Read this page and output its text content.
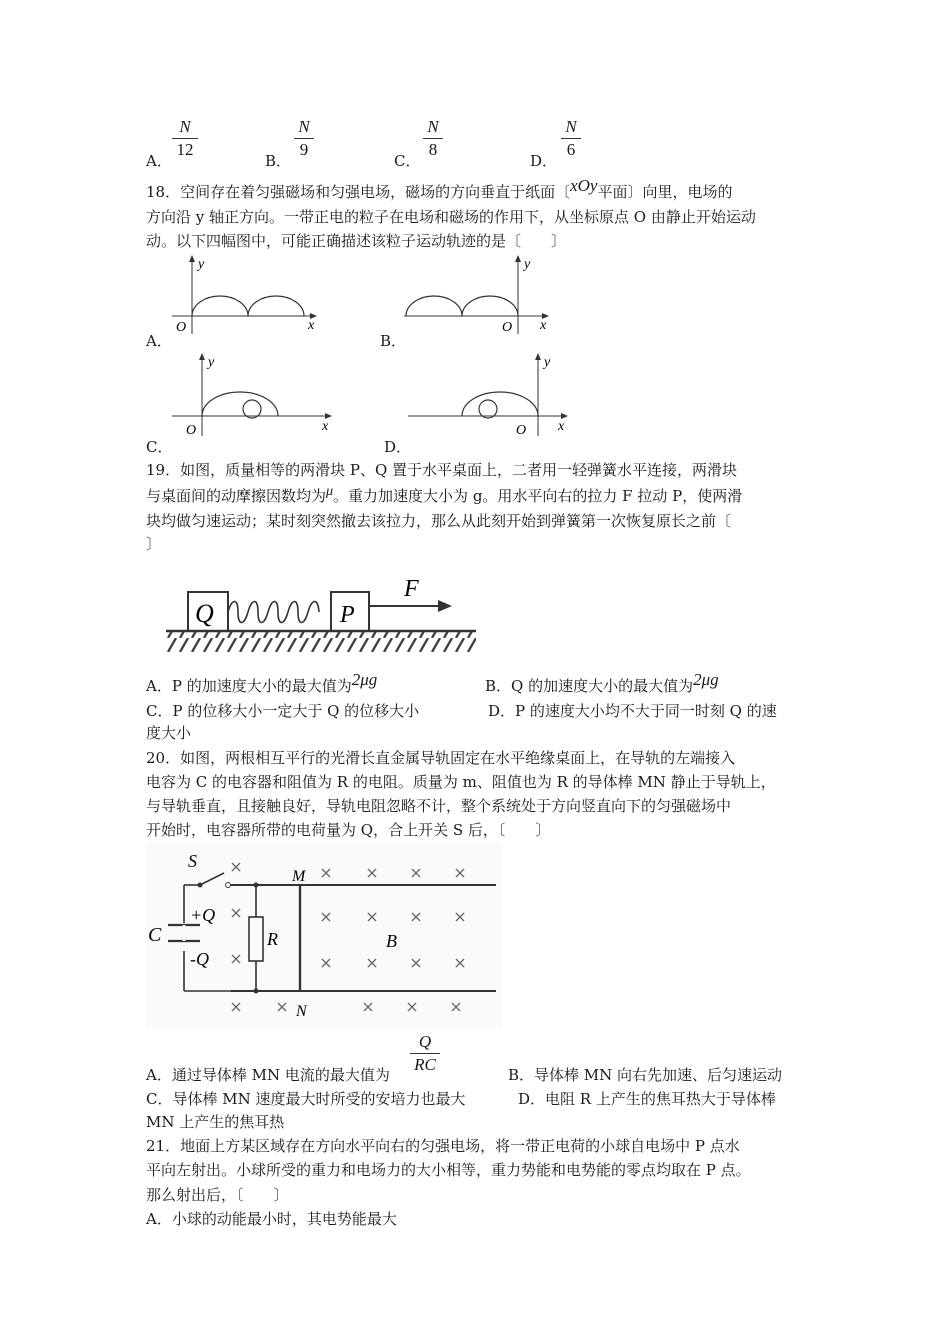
A．
N
12
B．
N
9
C．
N
8
D．
N
6
18．空间存在着匀强磁场和匀强电场，磁场的方向垂直于纸面〔xOy平面〕向里，电场的
方向沿 y 轴正方向。一带正电的粒子在电场和磁场的作用下，从坐标原点 O 由静止开始运动
动。以下四幅图中，可能正确描述该粒子运动轨迹的是〔　　〕
y
x
O
A．
y
x
O
B．
y
x
O
C．
y
x
O
D．
19．如图，质量相等的两滑块 P、Q 置于水平桌面上，二者用一轻弹簧水平连接，两滑块
与桌面间的动摩擦因数均为μ。重力加速度大小为 g。用水平向右的拉力 F 拉动 P，使两滑
块均做匀速运动；某时刻突然撤去该拉力，那么从此刻开始到弹簧第一次恢复原长之前〔
〕
Q	P
F
A．P 的加速度大小的最大值为2μg	B．Q 的加速度大小的最大值为2μg
C．P 的位移大小一定大于 Q 的位移大小	D．P 的速度大小均不大于同一时刻 Q 的速
度大小
20．如图，两根相互平行的光滑长直金属导轨固定在水平绝缘桌面上，在导轨的左端接入
电容为 C 的电容器和阻值为 R 的电阻。质量为 m、阻值也为 R 的导体棒 MN 静止于导轨上，
与导轨垂直，且接触良好，导轨电阻忽略不计，整个系统处于方向竖直向下的匀强磁场中
开始时，电容器所带的电荷量为 Q，合上开关 S 后，〔　　〕
S
C
+Q
-Q
R
M
N
B
A．通过导体棒 MN 电流的最大值为
Q
RC
B．导体棒 MN 向右先加速、后匀速运动
C．导体棒 MN 速度最大时所受的安培力也最大	D．电阻 R 上产生的焦耳热大于导体棒
MN 上产生的焦耳热
21．地面上方某区域存在方向水平向右的匀强电场，将一带正电荷的小球自电场中 P 点水
平向左射出。小球所受的重力和电场力的大小相等，重力势能和电势能的零点均取在 P 点。
那么射出后，〔　　〕
A．小球的动能最小时，其电势能最大
